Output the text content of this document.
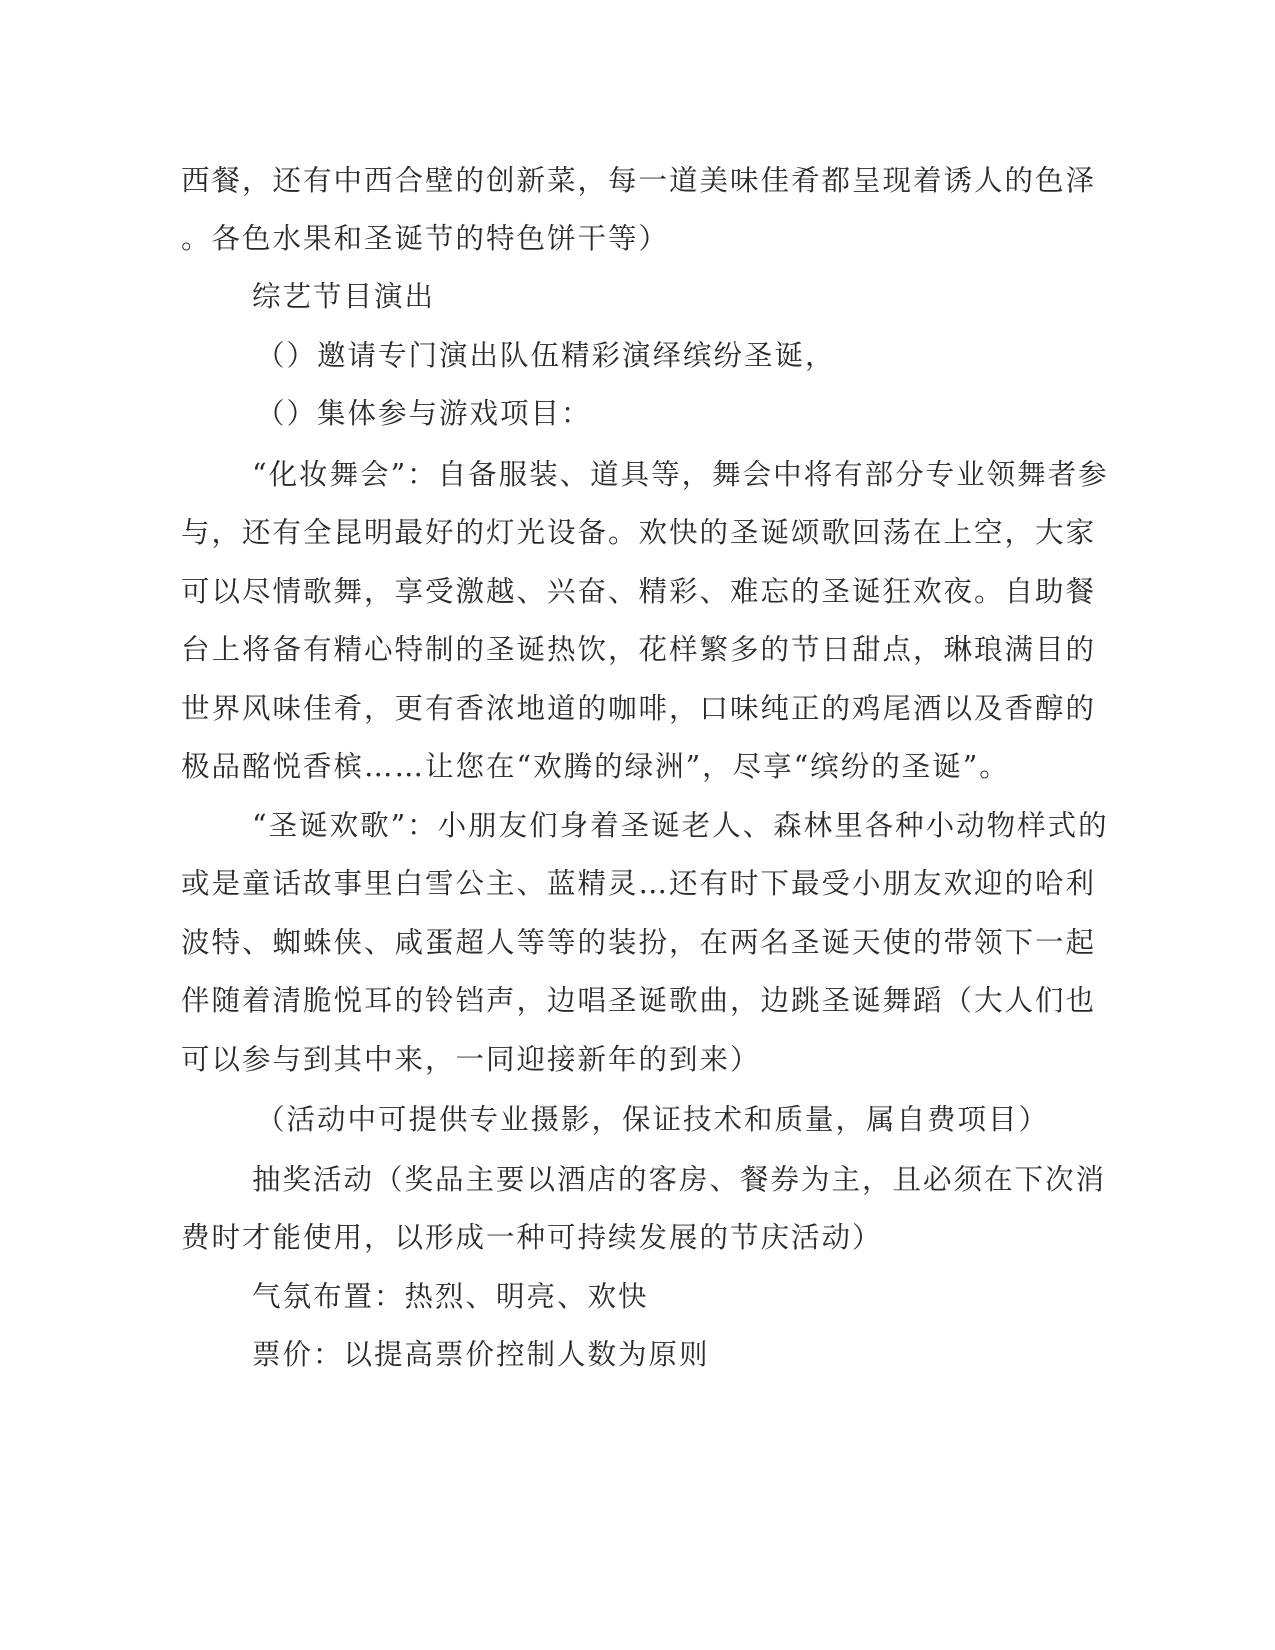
西餐，还有中西合壁的创新菜，每一道美味佳肴都呈现着诱人的色泽

。各色水果和圣诞节的特色饼干等）

综艺节目演出

（）邀请专门演出队伍精彩演绎缤纷圣诞，

（）集体参与游戏项目：

“化妆舞会”：自备服装、道具等，舞会中将有部分专业领舞者参

与，还有全昆明最好的灯光设备。欢快的圣诞颂歌回荡在上空，大家

可以尽情歌舞，享受激越、兴奋、精彩、难忘的圣诞狂欢夜。自助餐

台上将备有精心特制的圣诞热饮，花样繁多的节日甜点，琳琅满目的

世界风味佳肴，更有香浓地道的咖啡，口味纯正的鸡尾酒以及香醇的

极品酩悦香槟……让您在“欢腾的绿洲”，尽享“缤纷的圣诞”。

“圣诞欢歌”：小朋友们身着圣诞老人、森林里各种小动物样式的

或是童话故事里白雪公主、蓝精灵…还有时下最受小朋友欢迎的哈利

波特、蜘蛛侠、咸蛋超人等等的装扮，在两名圣诞天使的带领下一起

伴随着清脆悦耳的铃铛声，边唱圣诞歌曲，边跳圣诞舞蹈（大人们也

可以参与到其中来，一同迎接新年的到来）

（活动中可提供专业摄影，保证技术和质量，属自费项目）

抽奖活动（奖品主要以酒店的客房、餐券为主，且必须在下次消

费时才能使用，以形成一种可持续发展的节庆活动）

气氛布置：热烈、明亮、欢快

票价：以提高票价控制人数为原则
